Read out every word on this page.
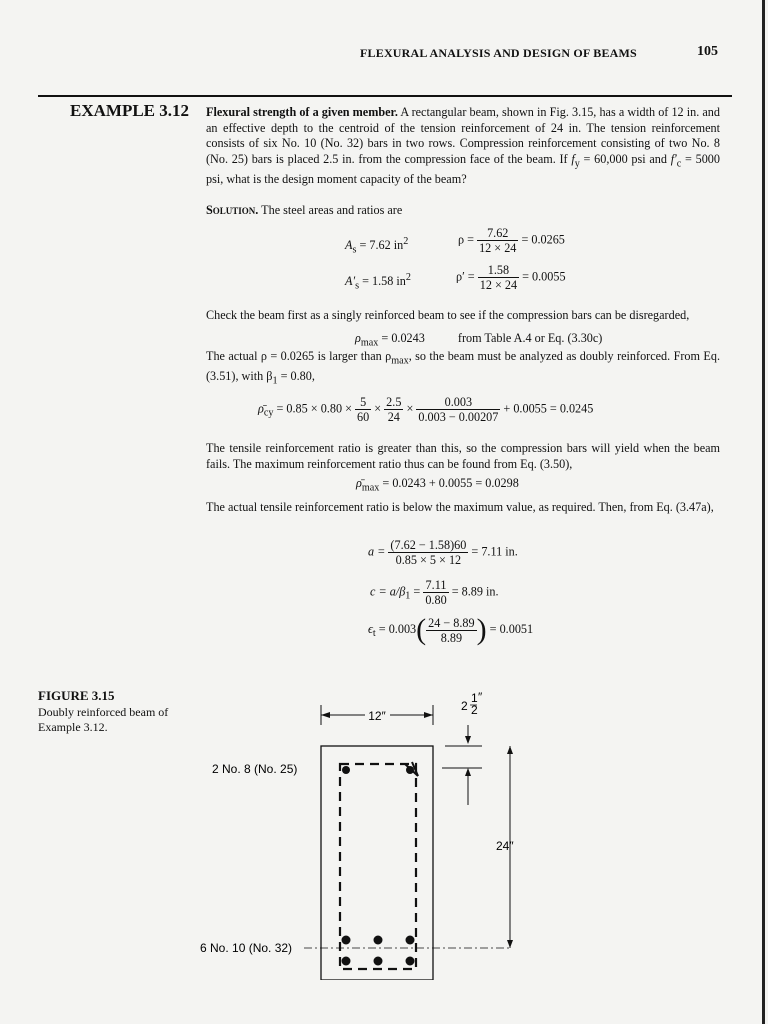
FLEXURAL ANALYSIS AND DESIGN OF BEAMS	105
EXAMPLE 3.12 Flexural strength of a given member. A rectangular beam, shown in Fig. 3.15, has a width of 12 in. and an effective depth to the centroid of the tension reinforcement of 24 in. The tension reinforcement consists of six No. 10 (No. 32) bars in two rows. Compression reinforcement consisting of two No. 8 (No. 25) bars is placed 2.5 in. from the compression face of the beam. If $f_y = 60,000$ psi and $f'_c = 5000$ psi, what is the design moment capacity of the beam?
Solution. The steel areas and ratios are
$A_s = 7.62$ $in^2$	$\rho = \frac{7.62}{12 \times 24} = 0.0265$
$A'_s = 1.58$ $in^2$	$\rho' = \frac{1.58}{12 \times 24} = 0.0055$
Check the beam first as a singly reinforced beam to see if the compression bars can be disregarded,
$\rho_{max} = 0.0243$	from Table A.4 or Eq. (3.30c)
The actual ρ = 0.0265 is larger than $\rho_{max}$, so the beam must be analyzed as doubly reinforced. From Eq. (3.51), with $\beta_1 = 0.80$,
$\rhō_{cy} = 0.85 \times 0.80 \times \frac{5}{60} \times \frac{2.5}{24} \times \frac{0.003}{0.003 - 0.00207} + 0.0055 = 0.0245$
The tensile reinforcement ratio is greater than this, so the compression bars will yield when the beam fails. The maximum reinforcement ratio thus can be found from Eq. (3.50),
$\rhō_{max} = 0.0243 + 0.0055 = 0.0298$
The actual tensile reinforcement ratio is below the maximum value, as required. Then, from Eq. (3.47a),
$a = \frac{(7.62 - 1.58)60}{0.85 \times 5 \times 12} = 7.11$ in.
$c = a/\beta_1 = \frac{7.11}{0.80} = 8.89$ in.
$\epsilon_t = 0.003( \frac{24 - 8.89}{8.89}$ ) = 0.0051
FIGURE 3.15
Doubly reinforced beam of Example 3.12.
12″
2
1
2
″
24″
2 No. 8 (No. 25)
6 No. 10 (No. 32)
